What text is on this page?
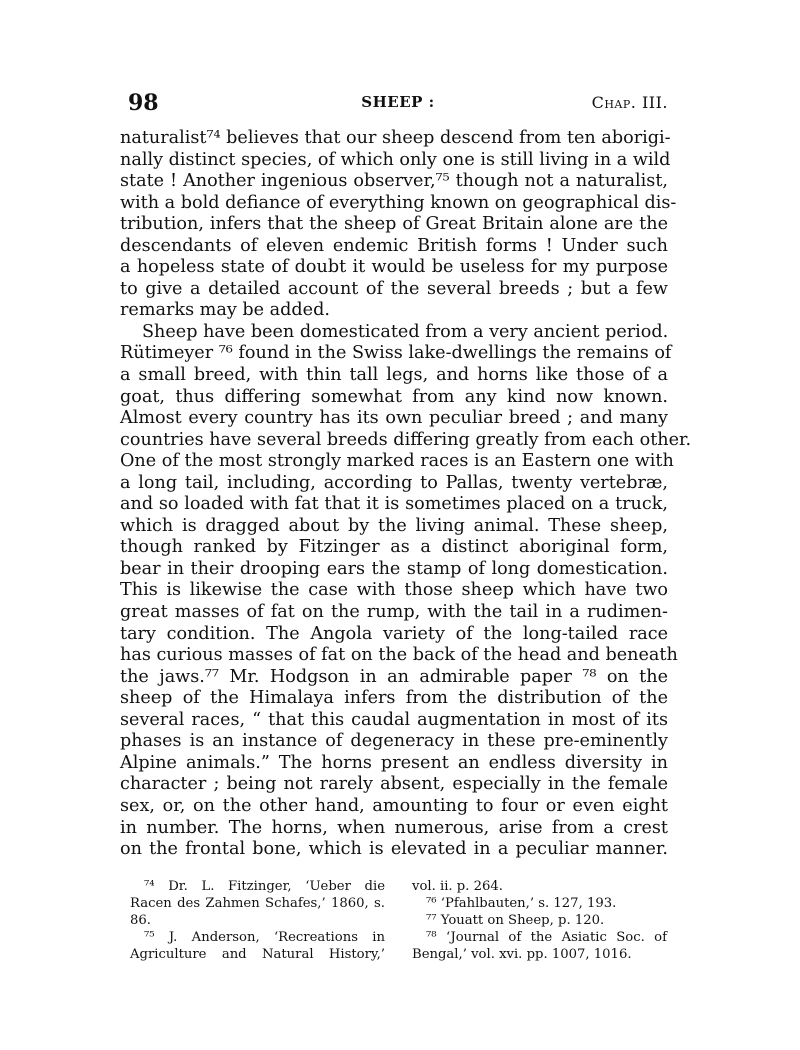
98	SHEEP :	Chap. III.
naturalist⁷⁴ believes that our sheep descend from ten aborigi-
nally distinct species, of which only one is still living in a wild
state ! Another ingenious observer,⁷⁵ though not a naturalist,
with a bold defiance of everything known on geographical dis-
tribution, infers that the sheep of Great Britain alone are the
descendants of eleven endemic British forms ! Under such
a hopeless state of doubt it would be useless for my purpose
to give a detailed account of the several breeds ; but a few
remarks may be added.
Sheep have been domesticated from a very ancient period.
Rütimeyer ⁷⁶ found in the Swiss lake-dwellings the remains of
a small breed, with thin tall legs, and horns like those of a
goat, thus differing somewhat from any kind now known.
Almost every country has its own peculiar breed ; and many
countries have several breeds differing greatly from each other.
One of the most strongly marked races is an Eastern one with
a long tail, including, according to Pallas, twenty vertebræ,
and so loaded with fat that it is sometimes placed on a truck,
which is dragged about by the living animal. These sheep,
though ranked by Fitzinger as a distinct aboriginal form,
bear in their drooping ears the stamp of long domestication.
This is likewise the case with those sheep which have two
great masses of fat on the rump, with the tail in a rudimen-
tary condition. The Angola variety of the long-tailed race
has curious masses of fat on the back of the head and beneath
the jaws.⁷⁷ Mr. Hodgson in an admirable paper ⁷⁸ on the
sheep of the Himalaya infers from the distribution of the
several races, “ that this caudal augmentation in most of its
phases is an instance of degeneracy in these pre-eminently
Alpine animals.” The horns present an endless diversity in
character ; being not rarely absent, especially in the female
sex, or, on the other hand, amounting to four or even eight
in number. The horns, when numerous, arise from a crest
on the frontal bone, which is elevated in a peculiar manner.
⁷⁴ Dr. L. Fitzinger, ‘Ueber die
Racen des Zahmen Schafes,’ 1860, s.
86.
⁷⁵ J. Anderson, ‘Recreations in
Agriculture and Natural History,’
vol. ii. p. 264.
⁷⁶ ‘Pfahlbauten,’ s. 127, 193.
⁷⁷ Youatt on Sheep, p. 120.
⁷⁸ ‘Journal of the Asiatic Soc. of
Bengal,’ vol. xvi. pp. 1007, 1016.
